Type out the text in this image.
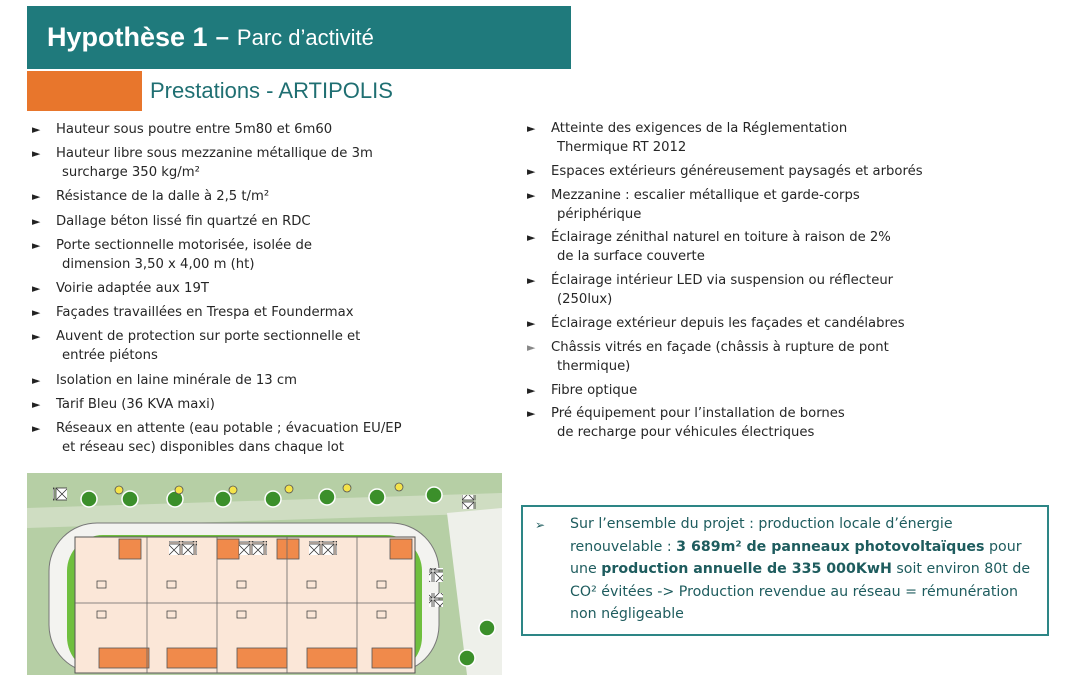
Hypothèse 1 – Parc d’activité
Prestations - ARTIPOLIS
►	Hauteur sous poutre entre 5m80 et 6m60
►	Hauteur libre sous mezzanine métallique de 3m
surcharge 350 kg/m²
►	Résistance de la dalle à 2,5 t/m²
►	Dallage béton lissé fin quartzé en RDC
►	Porte sectionnelle motorisée, isolée de
dimension 3,50 x 4,00 m (ht)
►	Voirie adaptée aux 19T
►	Façades travaillées en Trespa et Foundermax
►	Auvent de protection sur porte sectionnelle et
entrée piétons
►	Isolation en laine minérale de 13 cm
►	Tarif Bleu (36 KVA maxi)
►	Réseaux en attente (eau potable ; évacuation EU/EP
et réseau sec) disponibles dans chaque lot
►	Atteinte des exigences de la Réglementation
Thermique RT 2012
►	Espaces extérieurs généreusement paysagés et arborés
►	Mezzanine : escalier métallique et garde-corps
périphérique
►	Éclairage zénithal naturel en toiture à raison de 2%
de la surface couverte
►	Éclairage intérieur LED via suspension ou réflecteur
(250lux)
►	Éclairage extérieur depuis les façades et candélabres
►	Châssis vitrés en façade (châssis à rupture de pont
thermique)
►	Fibre optique
►	Pré équipement pour l’installation de bornes
de recharge pour véhicules électriques
➢	Sur l’ensemble du projet : production locale d’énergie renouvelable : 3 689m² de panneaux photovoltaïques pour une production annuelle de 335 000KwH soit environ 80t de CO² évitées -> Production revendue au réseau = rémunération non négligeable
